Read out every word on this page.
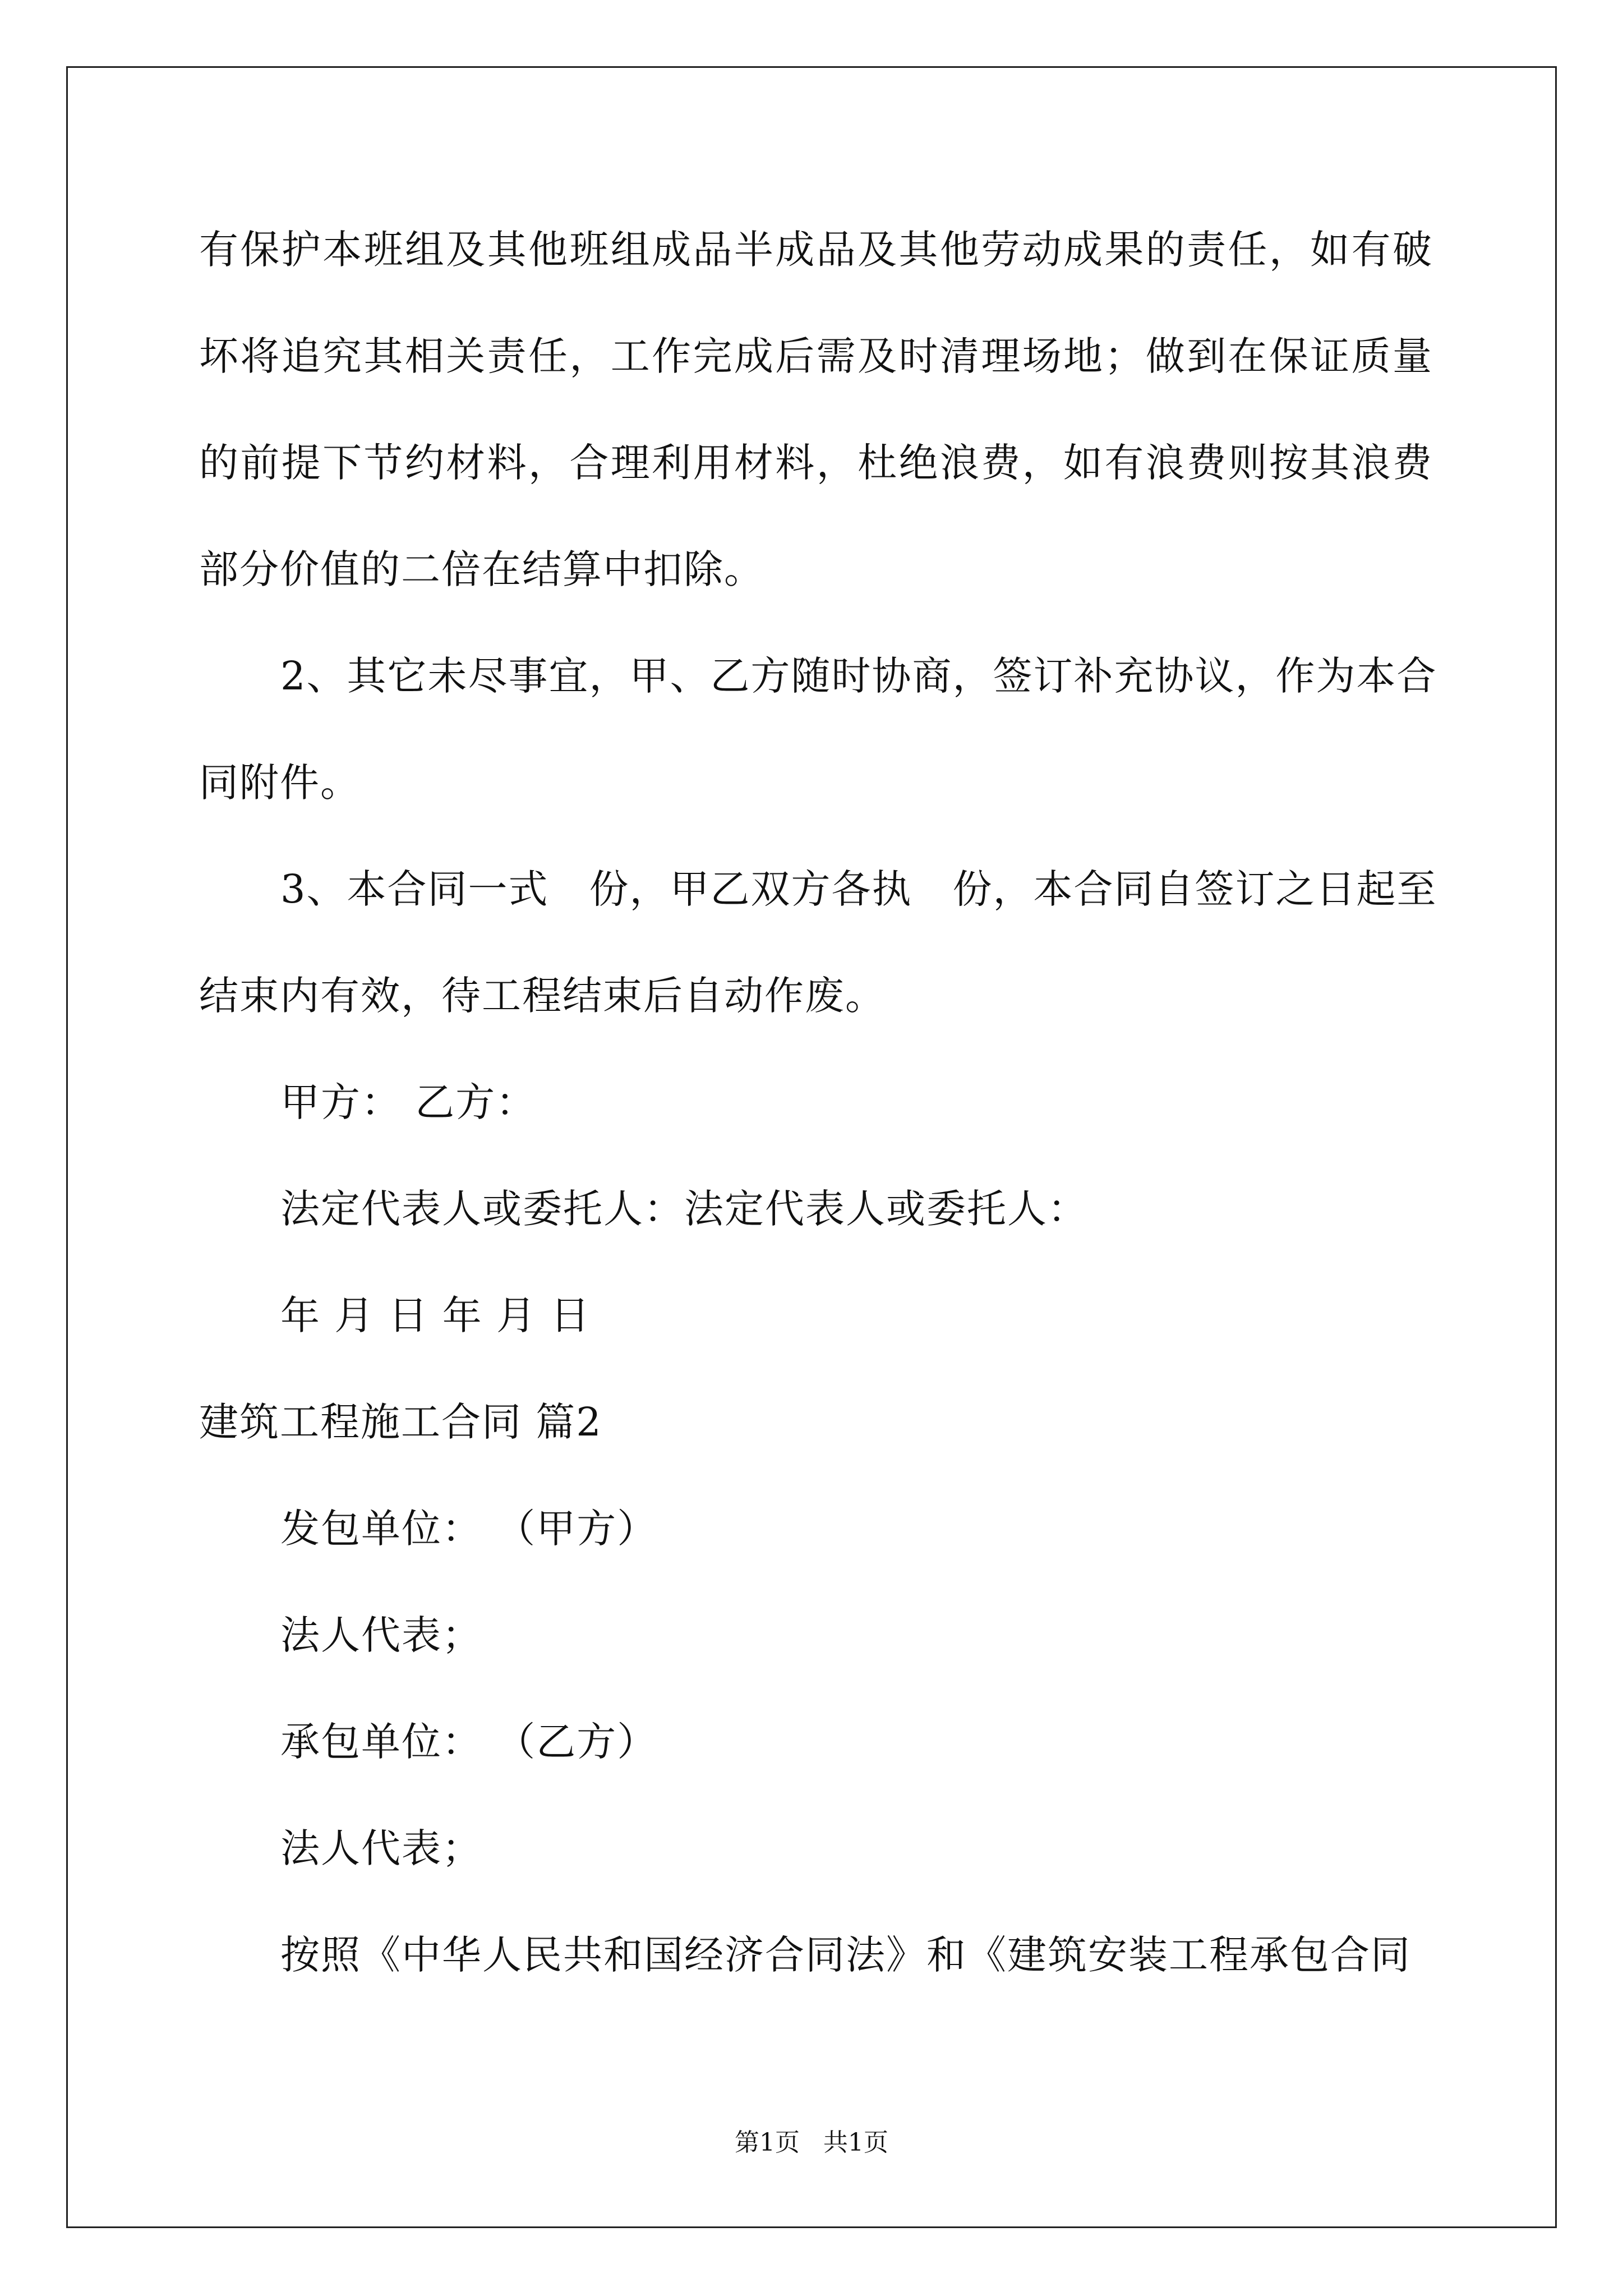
有保护本班组及其他班组成品半成品及其他劳动成果的责任，如有破
坏将追究其相关责任，工作完成后需及时清理场地；做到在保证质量
的前提下节约材料，合理利用材料，杜绝浪费，如有浪费则按其浪费
部分价值的二倍在结算中扣除。
2、其它未尽事宜，甲、乙方随时协商，签订补充协议，作为本合
同附件。
3、本合同一式　份，甲乙双方各执　份，本合同自签订之日起至
结束内有效，待工程结束后自动作废。
甲方： 乙方：
法定代表人或委托人：法定代表人或委托人：
年 月 日 年 月 日
建筑工程施工合同 篇2
发包单位： （甲方）
法人代表；
承包单位： （乙方）
法人代表；
按照《中华人民共和国经济合同法》和《建筑安装工程承包合同
第1页   共1页
